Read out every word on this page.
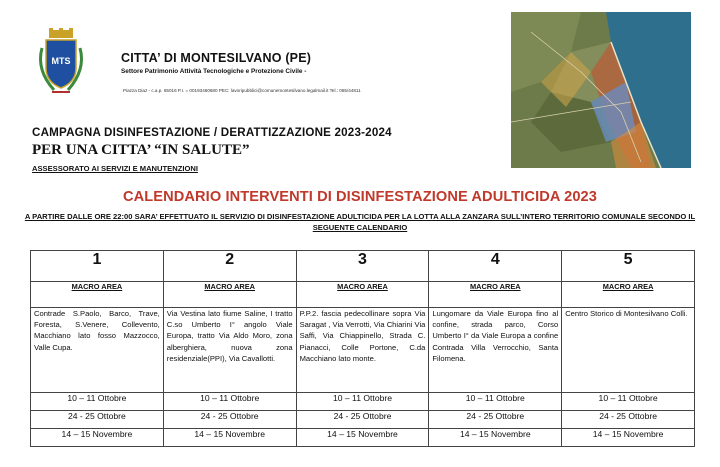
MTS	CITTA’ DI MONTESILVANO (PE)
Settore Patrimonio Attività Tecnologiche e Protezione Civile -
Piazza Diaz - c.a.p. 65016 P.I. = 00193460680 PEC: lavoripubblici@comunemontesilvano.legalmail.it Tel.: 085/44811
CAMPAGNA DISINFESTAZIONE / DERATTIZZAZIONE 2023-2024
PER UNA CITTA’ “IN SALUTE”
ASSESSORATO AI SERVIZI E MANUTENZIONI
CALENDARIO INTERVENTI DI DISINFESTAZIONE ADULTICIDA 2023
A PARTIRE DALLE ORE 22:00 SARA’ EFFETTUATO IL SERVIZIO DI DISINFESTAZIONE ADULTICIDA PER LA LOTTA ALLA ZANZARA SULL’INTERO TERRITORIO COMUNALE SECONDO IL SEGUENTE CALENDARIO
1	2	3	4	5
MACRO AREA	MACRO AREA	MACRO AREA	MACRO AREA	MACRO AREA
Contrade S.Paolo, Barco, Trave, Foresta, S.Venere, Collevento, Macchiano lato fosso Mazzocco, Valle Cupa.	Via Vestina lato fiume Saline, I tratto C.so Umberto I° angolo Viale Europa, tratto Via Aldo Moro, zona alberghiera, nuova zona residenziale(PPI), Via Cavallotti.	P.P.2. fascia pedecollinare sopra Via Saragat , Via Verrotti, Via Chiarini Via Saffi, Via Chiappinello, Strada C. Pianacci, Colle Portone, C.da Macchiano lato monte.	Lungomare da Viale Europa fino al confine, strada parco, Corso Umberto I° da Viale Europa a confine Contrada Villa Verrocchio, Santa Filomena.	Centro Storico di Montesilvano Colli.
10 – 11 Ottobre	10 – 11 Ottobre	10 – 11 Ottobre	10 – 11 Ottobre	10 – 11 Ottobre
24 - 25 Ottobre	24 - 25 Ottobre	24 - 25 Ottobre	24 - 25 Ottobre	24 - 25 Ottobre
14 – 15 Novembre	14 – 15 Novembre	14 – 15 Novembre	14 – 15 Novembre	14 – 15 Novembre
